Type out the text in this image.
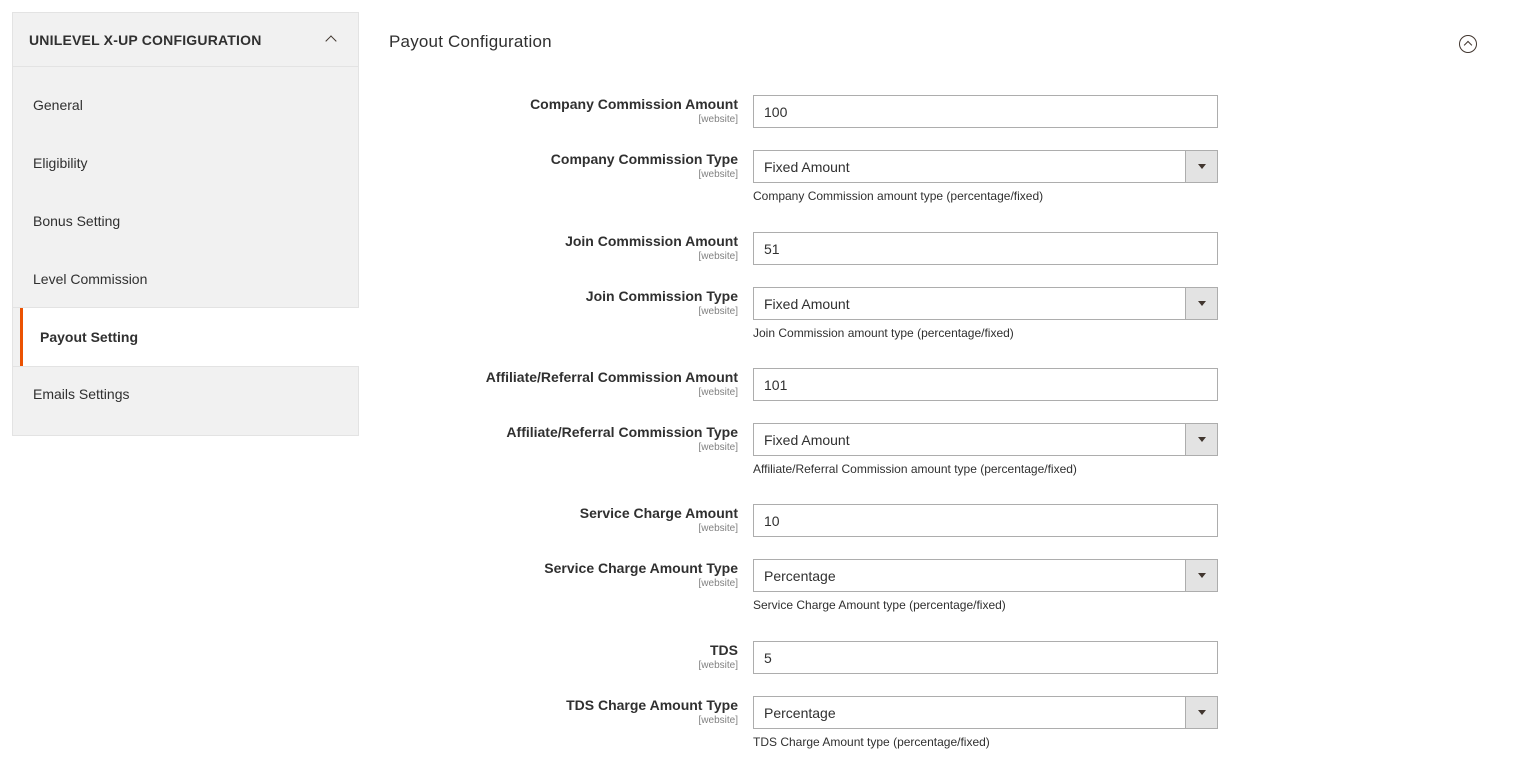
UNILEVEL X-UP CONFIGURATION
General
Eligibility
Bonus Setting
Level Commission
Payout Setting
Emails Settings
Payout Configuration
Company Commission Amount
[website]
100
Company Commission Type
[website] Fixed Amount
Company Commission amount type (percentage/fixed)
Join Commission Amount
[website]
51
Join Commission Type
[website] Fixed Amount
Join Commission amount type (percentage/fixed)
Affiliate/Referral Commission Amount
[website]
101
Affiliate/Referral Commission Type
[website] Fixed Amount
Affiliate/Referral Commission amount type (percentage/fixed)
Service Charge Amount
[website]
10
Service Charge Amount Type
[website] Percentage
Service Charge Amount type (percentage/fixed)
TDS
[website]
5
TDS Charge Amount Type
[website] Percentage
TDS Charge Amount type (percentage/fixed)
